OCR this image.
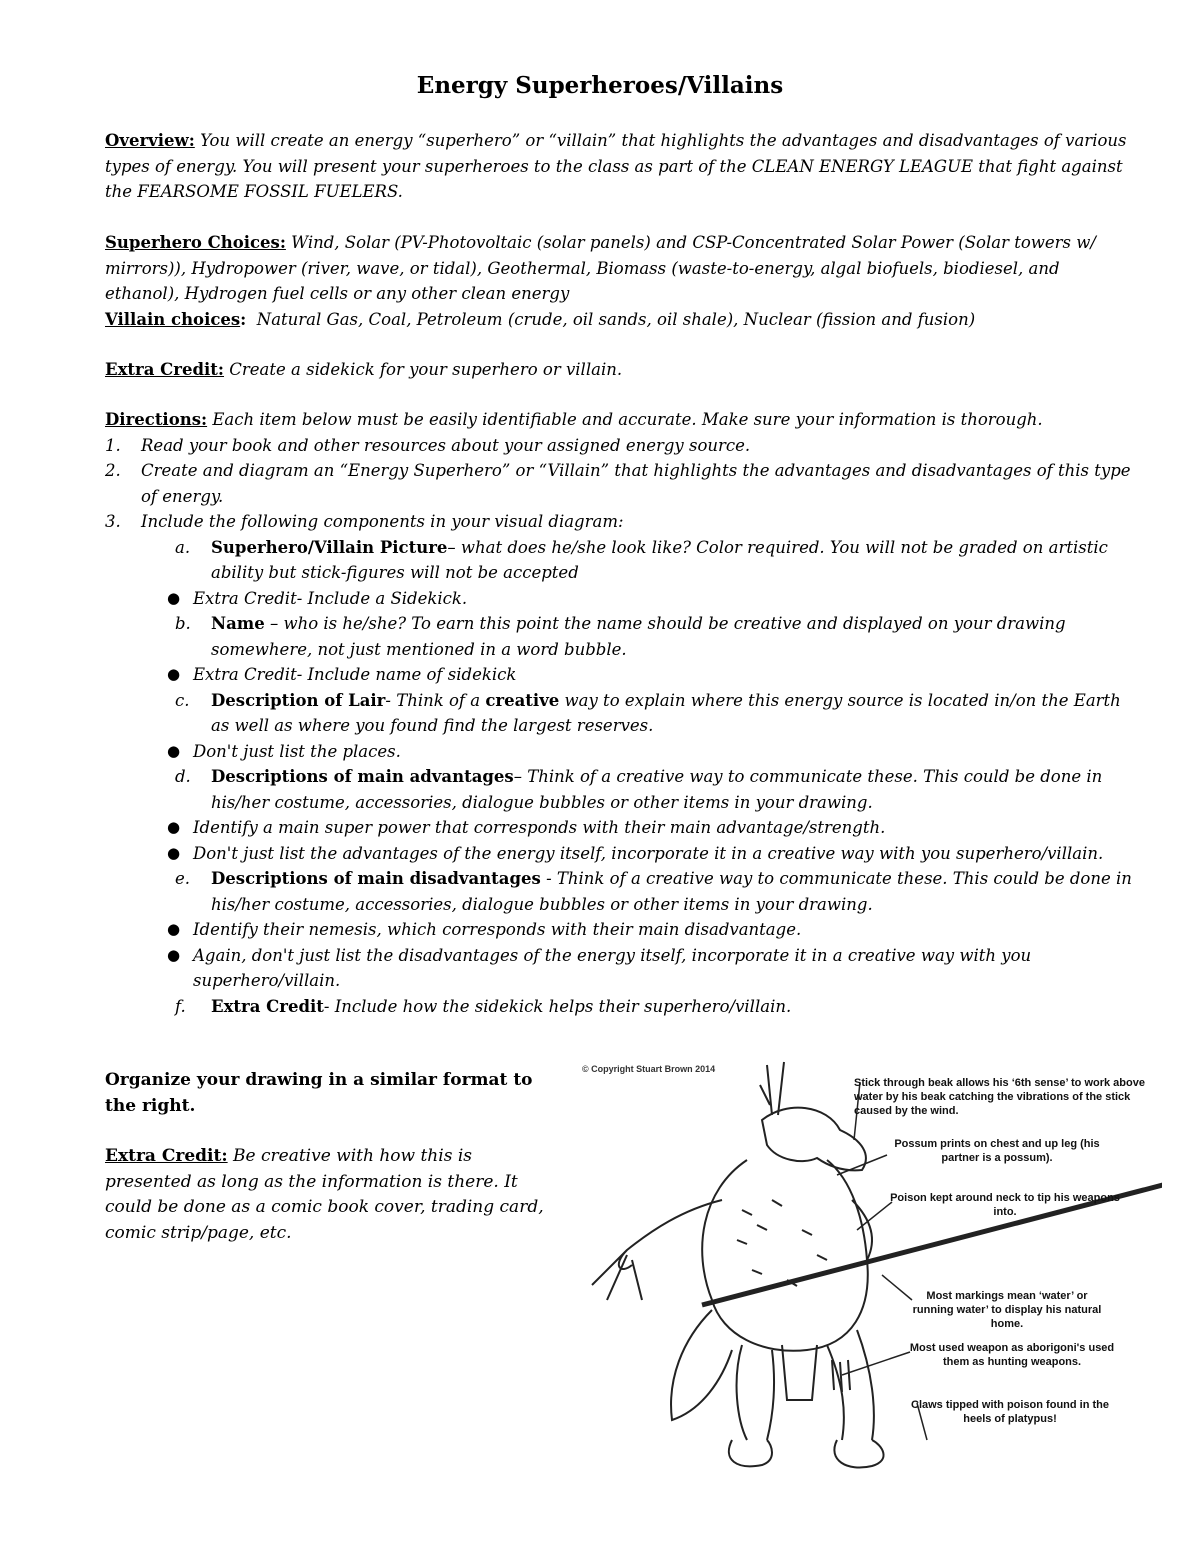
Energy Superheroes/Villains
Overview: You will create an energy “superhero” or “villain” that highlights the advantages and disadvantages of various types of energy. You will present your superheroes to the class as part of the CLEAN ENERGY LEAGUE that fight against the FEARSOME FOSSIL FUELERS.
Superhero Choices: Wind, Solar (PV-Photovoltaic (solar panels) and CSP-Concentrated Solar Power (Solar towers w/ mirrors)), Hydropower (river, wave, or tidal), Geothermal, Biomass (waste-to-energy, algal biofuels, biodiesel, and ethanol), Hydrogen fuel cells or any other clean energy
Villain choices: Natural Gas, Coal, Petroleum (crude, oil sands, oil shale), Nuclear (fission and fusion)
Extra Credit: Create a sidekick for your superhero or villain.
Directions: Each item below must be easily identifiable and accurate. Make sure your information is thorough.
1. Read your book and other resources about your assigned energy source.
2. Create and diagram an “Energy Superhero” or “Villain” that highlights the advantages and disadvantages of this type of energy.
3. Include the following components in your visual diagram:
a. Superhero/Villain Picture– what does he/she look like? Color required. You will not be graded on artistic ability but stick-figures will not be accepted
● Extra Credit- Include a Sidekick.
b. Name – who is he/she? To earn this point the name should be creative and displayed on your drawing somewhere, not just mentioned in a word bubble.
● Extra Credit- Include name of sidekick
c. Description of Lair- Think of a creative way to explain where this energy source is located in/on the Earth as well as where you found find the largest reserves.
● Don't just list the places.
d. Descriptions of main advantages– Think of a creative way to communicate these. This could be done in his/her costume, accessories, dialogue bubbles or other items in your drawing.
● Identify a main super power that corresponds with their main advantage/strength.
● Don't just list the advantages of the energy itself, incorporate it in a creative way with you superhero/villain.
e. Descriptions of main disadvantages - Think of a creative way to communicate these. This could be done in his/her costume, accessories, dialogue bubbles or other items in your drawing.
● Identify their nemesis, which corresponds with their main disadvantage.
● Again, don't just list the disadvantages of the energy itself, incorporate it in a creative way with you superhero/villain.
f. Extra Credit- Include how the sidekick helps their superhero/villain.
Organize your drawing in a similar format to the right.
Extra Credit: Be creative with how this is presented as long as the information is there. It could be done as a comic book cover, trading card, comic strip/page, etc.
© Copyright Stuart Brown 2014
Stick through beak allows his ‘6th sense’ to work above water by his beak catching the vibrations of the stick caused by the wind.
Possum prints on chest and up leg (his partner is a possum).
Poison kept around neck to tip his weapons into.
Most markings mean ‘water’ or running water’ to display his natural home.
Most used weapon as aborigoni's used them as hunting weapons.
Claws tipped with poison found in the heels of platypus!
